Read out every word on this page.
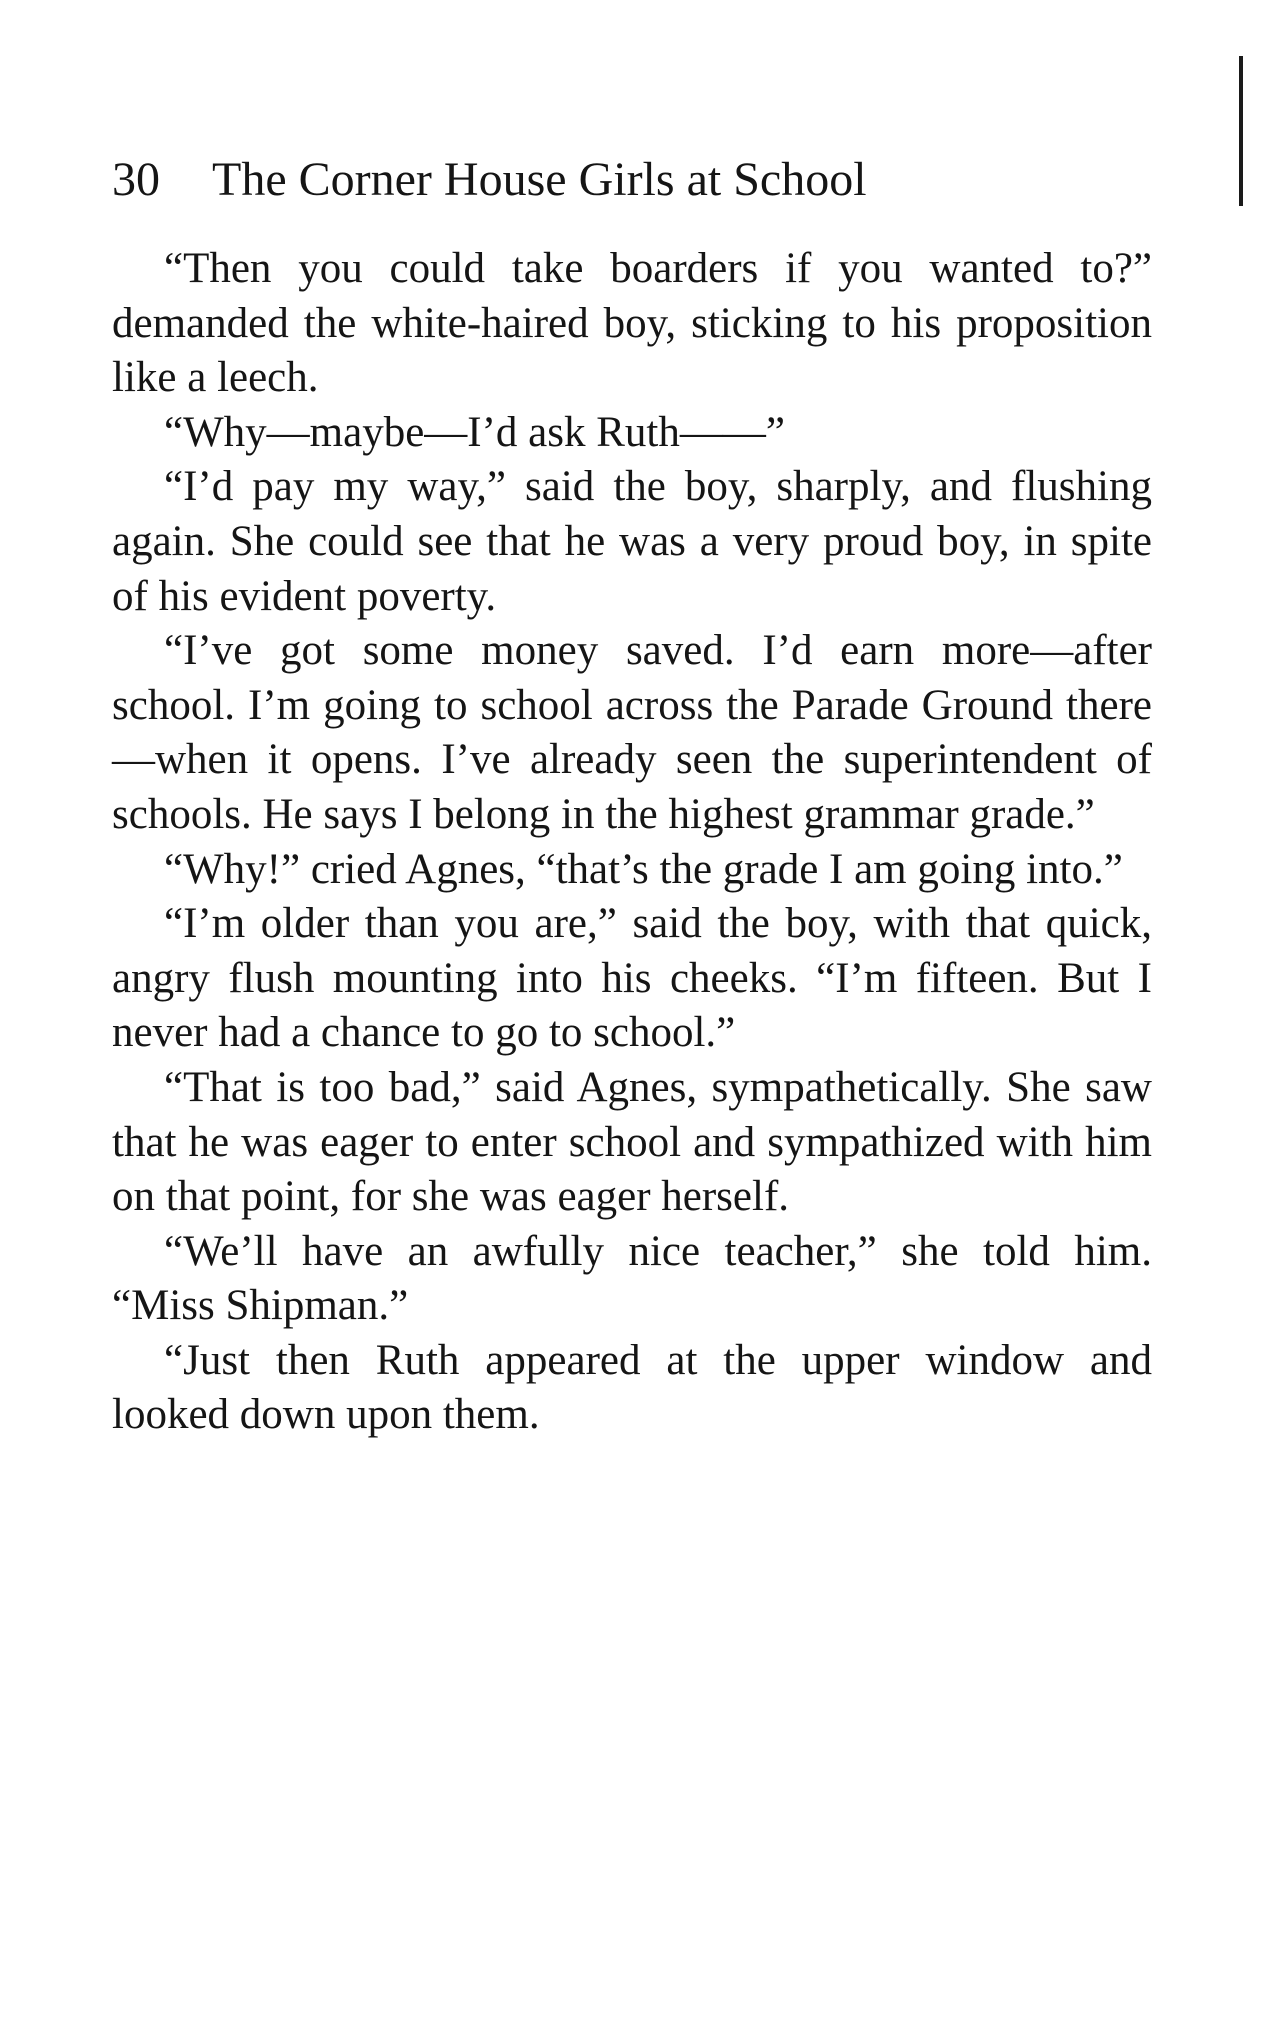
30 The Corner House Girls at School

“Then you could take boarders if you wanted to?” demanded the white-haired boy, sticking to his proposition like a leech.

“Why—maybe—I’d ask Ruth——”

“I’d pay my way,” said the boy, sharply, and flushing again. She could see that he was a very proud boy, in spite of his evident poverty.

“I’ve got some money saved. I’d earn more—after school. I’m going to school across the Parade Ground there—when it opens. I’ve already seen the superintendent of schools. He says I belong in the highest grammar grade.”

“Why!” cried Agnes, “that’s the grade I am going into.”

“I’m older than you are,” said the boy, with that quick, angry flush mounting into his cheeks. “I’m fifteen. But I never had a chance to go to school.”

“That is too bad,” said Agnes, sympathetically. She saw that he was eager to enter school and sympathized with him on that point, for she was eager herself.

“We’ll have an awfully nice teacher,” she told him. “Miss Shipman.”

“Just then Ruth appeared at the upper window and looked down upon them.
